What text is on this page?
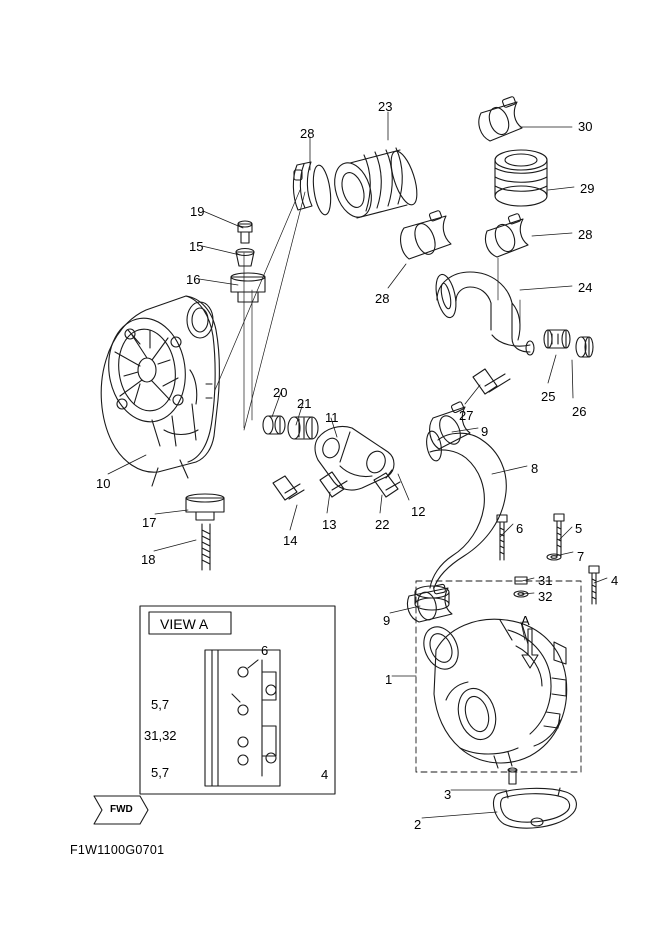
23
30
28
29
19
28
15
16
24
28
25
26
20
27
21
11
9
10
8
12
17
14
13	22	6	5
18	7
31	4
32
9	A
6
1
5,7
31,32
5,7	4
3
2
VIEW A
FWD
F1W1100G0701
